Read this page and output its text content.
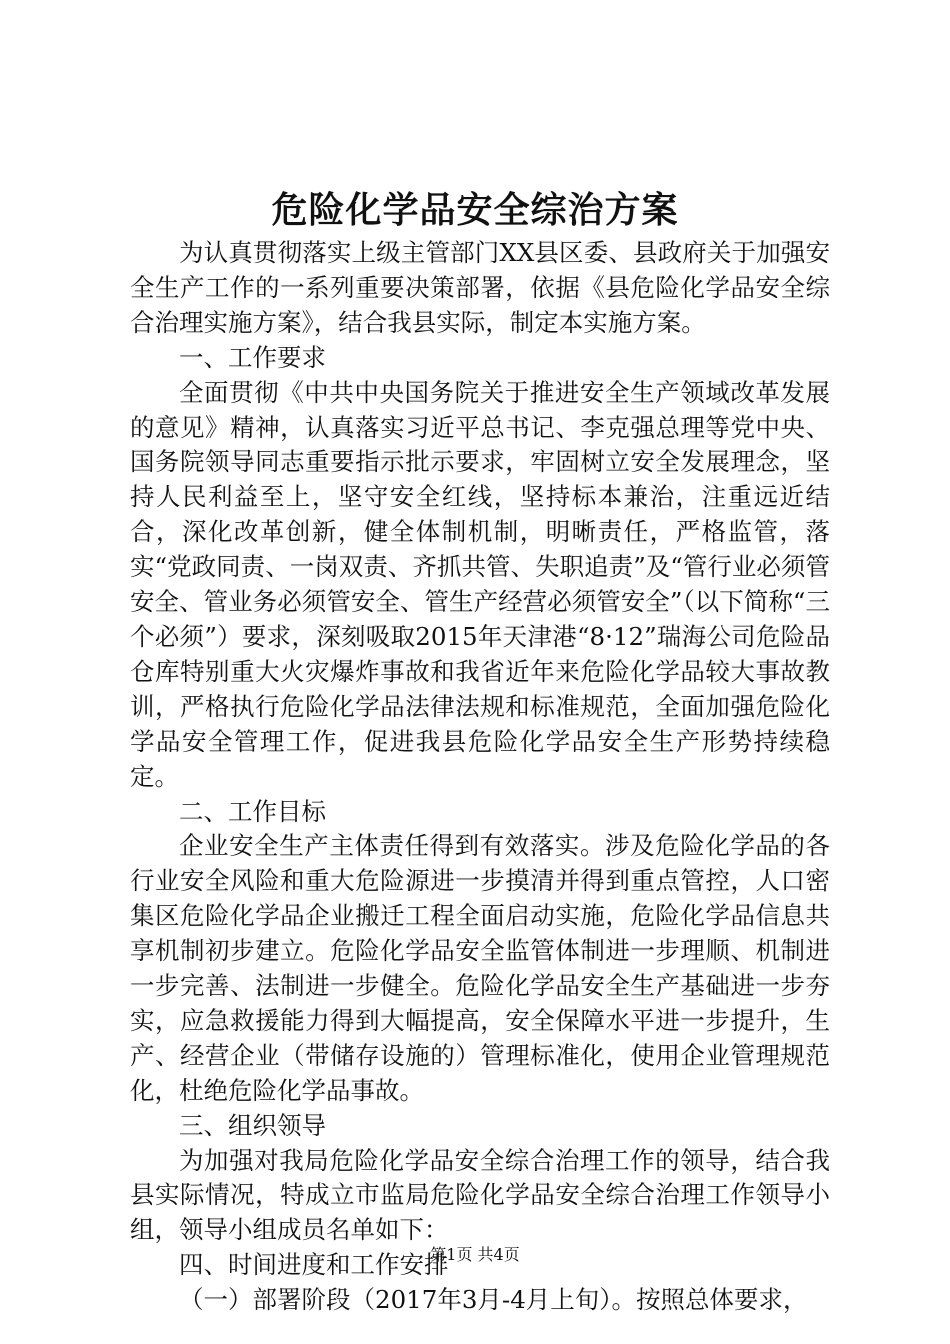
危险化学品安全综治方案

为认真贯彻落实上级主管部门XX县区委、县政府关于加强安全生产工作的一系列重要决策部署，依据《县危险化学品安全综合治理实施方案》，结合我县实际，制定本实施方案。

一、工作要求

全面贯彻《中共中央国务院关于推进安全生产领域改革发展的意见》精神，认真落实习近平总书记、李克强总理等党中央、国务院领导同志重要指示批示要求，牢固树立安全发展理念，坚持人民利益至上，坚守安全红线，坚持标本兼治，注重远近结合，深化改革创新，健全体制机制，明晰责任，严格监管，落实“党政同责、一岗双责、齐抓共管、失职追责”及“管行业必须管安全、管业务必须管安全、管生产经营必须管安全”（以下简称“三个必须”）要求，深刻吸取2015年天津港“8·12”瑞海公司危险品仓库特别重大火灾爆炸事故和我省近年来危险化学品较大事故教训，严格执行危险化学品法律法规和标准规范，全面加强危险化学品安全管理工作，促进我县危险化学品安全生产形势持续稳定。

二、工作目标

企业安全生产主体责任得到有效落实。涉及危险化学品的各行业安全风险和重大危险源进一步摸清并得到重点管控，人口密集区危险化学品企业搬迁工程全面启动实施，危险化学品信息共享机制初步建立。危险化学品安全监管体制进一步理顺、机制进一步完善、法制进一步健全。危险化学品安全生产基础进一步夯实，应急救援能力得到大幅提高，安全保障水平进一步提升，生产、经营企业（带储存设施的）管理标准化，使用企业管理规范化，杜绝危险化学品事故。

三、组织领导

为加强对我局危险化学品安全综合治理工作的领导，结合我县实际情况，特成立市监局危险化学品安全综合治理工作领导小组，领导小组成员名单如下：

四、时间进度和工作安排

（一）部署阶段（2017年3月-4月上旬）。按照总体要求，

第1页 共4页
